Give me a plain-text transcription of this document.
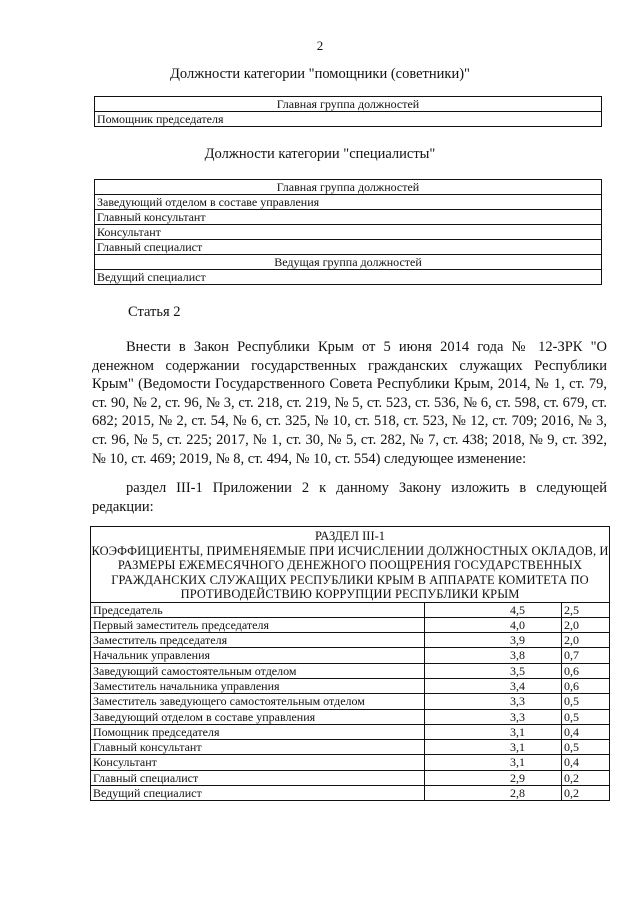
2
Должности категории "помощники (советники)"
Главная группа должностей
Помощник председателя
Должности категории "специалисты"
Главная группа должностей
Заведующий отделом в составе управления
Главный консультант
Консультант
Главный специалист
Ведущая группа должностей
Ведущий специалист
Статья 2
Внести в Закон Республики Крым от 5 июня 2014 года № 12-ЗРК "О денежном содержании государственных гражданских служащих Республики Крым" (Ведомости Государственного Совета Республики Крым, 2014, № 1, ст. 79, ст. 90, № 2, ст. 96, № 3, ст. 218, ст. 219, № 5, ст. 523, ст. 536, № 6, ст. 598, ст. 679, ст. 682; 2015, № 2, ст. 54, № 6, ст. 325, № 10, ст. 518, ст. 523, № 12, ст. 709; 2016, № 3, ст. 96, № 5, ст. 225; 2017, № 1, ст. 30, № 5, ст. 282, № 7, ст. 438; 2018, № 9, ст. 392, № 10, ст. 469; 2019, № 8, ст. 494, № 10, ст. 554) следующее изменение:
раздел III-1 Приложении 2 к данному Закону изложить в следующей редакции:
РАЗДЕЛ III-1
КОЭФФИЦИЕНТЫ, ПРИМЕНЯЕМЫЕ ПРИ ИСЧИСЛЕНИИ ДОЛЖНОСТНЫХ ОКЛАДОВ, И РАЗМЕРЫ ЕЖЕМЕСЯЧНОГО ДЕНЕЖНОГО ПООЩРЕНИЯ ГОСУДАРСТВЕННЫХ ГРАЖДАНСКИХ СЛУЖАЩИХ РЕСПУБЛИКИ КРЫМ В АППАРАТЕ КОМИТЕТА ПО ПРОТИВОДЕЙСТВИЮ КОРРУПЦИИ РЕСПУБЛИКИ КРЫМ
Председатель	4,5	2,5
Первый заместитель председателя	4,0	2,0
Заместитель председателя	3,9	2,0
Начальник управления	3,8	0,7
Заведующий самостоятельным отделом	3,5	0,6
Заместитель начальника управления	3,4	0,6
Заместитель заведующего самостоятельным отделом	3,3	0,5
Заведующий отделом в составе управления	3,3	0,5
Помощник председателя	3,1	0,4
Главный консультант	3,1	0,5
Консультант	3,1	0,4
Главный специалист	2,9	0,2
Ведущий специалист	2,8	0,2
